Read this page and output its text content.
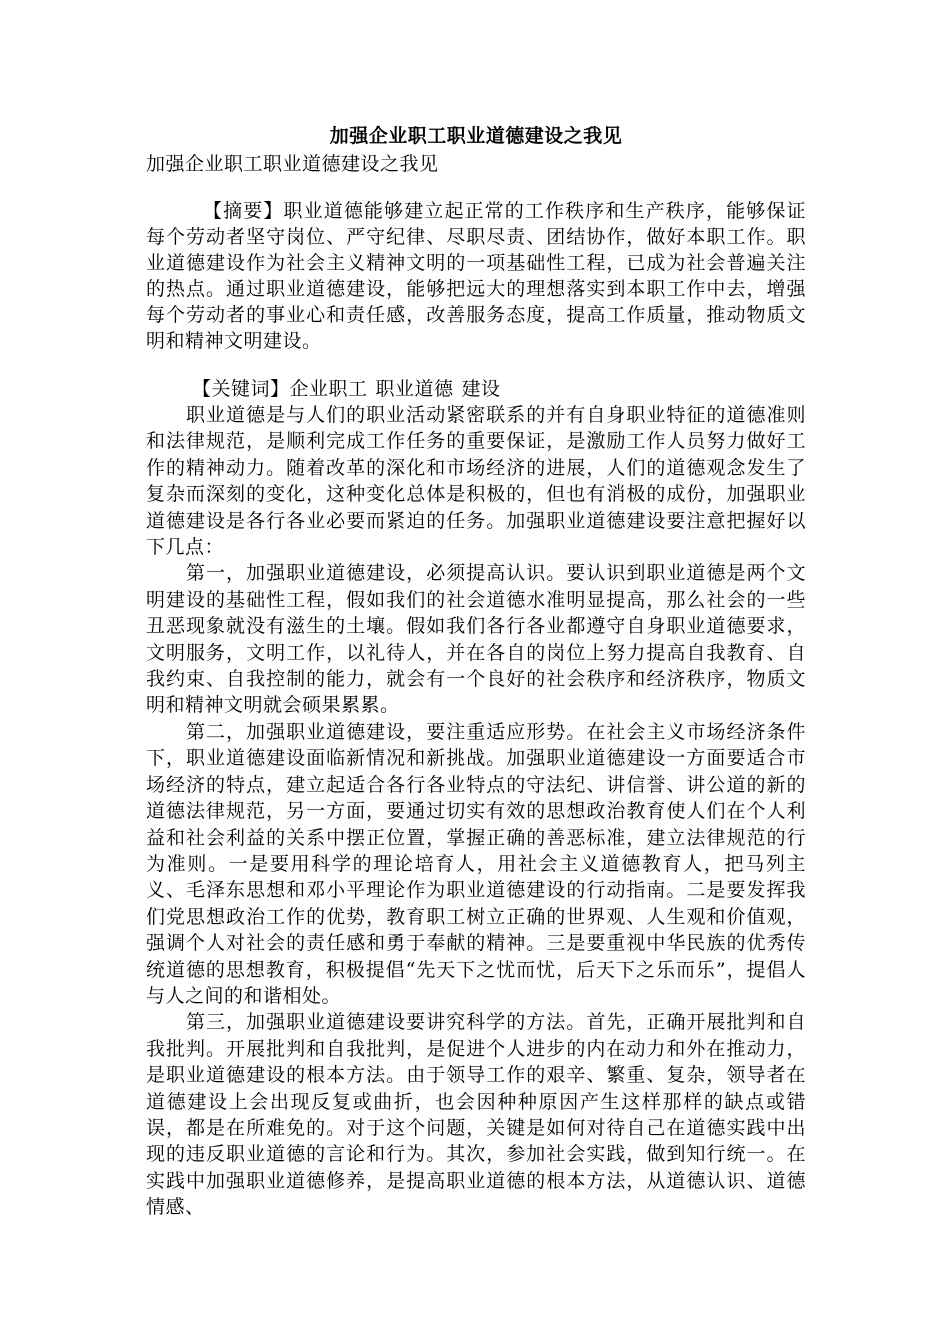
加强企业职工职业道德建设之我见

加强企业职工职业道德建设之我见

【摘要】职业道德能够建立起正常的工作秩序和生产秩序，能够保证每个劳动者坚守岗位、严守纪律、尽职尽责、团结协作，做好本职工作。职业道德建设作为社会主义精神文明的一项基础性工程，已成为社会普遍关注的热点。通过职业道德建设，能够把远大的理想落实到本职工作中去，增强每个劳动者的事业心和责任感，改善服务态度，提高工作质量，推动物质文明和精神文明建设。

【关键词】企业职工 职业道德 建设

职业道德是与人们的职业活动紧密联系的并有自身职业特征的道德准则和法律规范，是顺利完成工作任务的重要保证，是激励工作人员努力做好工作的精神动力。随着改革的深化和市场经济的进展，人们的道德观念发生了复杂而深刻的变化，这种变化总体是积极的，但也有消极的成份，加强职业道德建设是各行各业必要而紧迫的任务。加强职业道德建设要注意把握好以下几点：

第一，加强职业道德建设，必须提高认识。要认识到职业道德是两个文明建设的基础性工程，假如我们的社会道德水准明显提高，那么社会的一些丑恶现象就没有滋生的土壤。假如我们各行各业都遵守自身职业道德要求，文明服务，文明工作，以礼待人，并在各自的岗位上努力提高自我教育、自我约束、自我控制的能力，就会有一个良好的社会秩序和经济秩序，物质文明和精神文明就会硕果累累。

第二，加强职业道德建设，要注重适应形势。在社会主义市场经济条件下，职业道德建设面临新情况和新挑战。加强职业道德建设一方面要适合市场经济的特点，建立起适合各行各业特点的守法纪、讲信誉、讲公道的新的道德法律规范，另一方面，要通过切实有效的思想政治教育使人们在个人利益和社会利益的关系中摆正位置，掌握正确的善恶标准，建立法律规范的行为准则。一是要用科学的理论培育人，用社会主义道德教育人，把马列主义、毛泽东思想和邓小平理论作为职业道德建设的行动指南。二是要发挥我们党思想政治工作的优势，教育职工树立正确的世界观、人生观和价值观，强调个人对社会的责任感和勇于奉献的精神。三是要重视中华民族的优秀传统道德的思想教育，积极提倡“先天下之忧而忧，后天下之乐而乐”，提倡人与人之间的和谐相处。

第三，加强职业道德建设要讲究科学的方法。首先，正确开展批判和自我批判。开展批判和自我批判，是促进个人进步的内在动力和外在推动力，是职业道德建设的根本方法。由于领导工作的艰辛、繁重、复杂，领导者在道德建设上会出现反复或曲折，也会因种种原因产生这样那样的缺点或错误，都是在所难免的。对于这个问题，关键是如何对待自己在道德实践中出现的违反职业道德的言论和行为。其次，参加社会实践，做到知行统一。在实践中加强职业道德修养，是提高职业道德的根本方法，从道德认识、道德情感、
